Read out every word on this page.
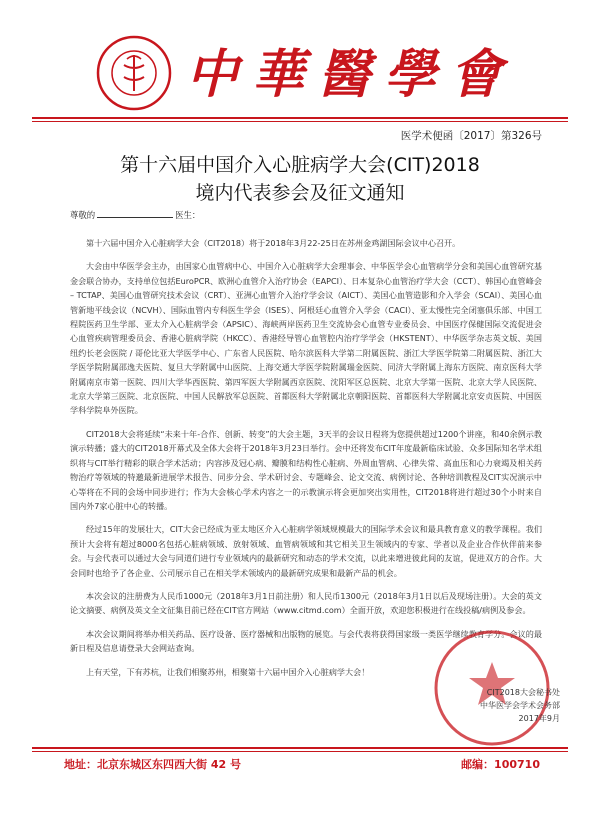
中華醫學會
医学术便函〔2017〕第326号
第十六届中国介入心脏病学大会(CIT)2018
境内代表参会及征文通知
尊敬的	医生：

第十六届中国介入心脏病学大会（CIT2018）将于2018年3月22-25日在苏州金鸡湖国际会议中心召开。

大会由中华医学会主办，由国家心血管病中心、中国介入心脏病学大会理事会、中华医学会心血管病学分会和美国心血管研究基金会联合协办，支持单位包括EuroPCR、欧洲心血管介入治疗协会（EAPCI）、日本复杂心血管治疗学大会（CCT）、韩国心血管峰会 – TCTAP、美国心血管研究技术会议（CRT）、亚洲心血管介入治疗学会议（AICT）、美国心血管造影和介入学会（SCAI）、美国心血管新地平线会议（NCVH）、国际血管内专科医生学会（ISES）、阿根廷心血管介入学会（CACI）、亚太慢性完全闭塞俱乐部、中国工程院医药卫生学部、亚太介入心脏病学会（APSIC）、海峡两岸医药卫生交流协会心血管专业委员会、中国医疗保健国际交流促进会心血管疾病管理委员会、香港心脏病学院（HKCC）、香港经导管心血管腔内治疗学学会（HKSTENT）、中华医学杂志英文版、美国纽约长老会医院 / 哥伦比亚大学医学中心、广东省人民医院、哈尔滨医科大学第二附属医院、浙江大学医学院第二附属医院、浙江大学医学院附属邵逸夫医院、复旦大学附属中山医院、上海交通大学医学院附属瑞金医院、同济大学附属上海东方医院、南京医科大学附属南京市第一医院、四川大学华西医院、第四军医大学附属西京医院、沈阳军区总医院、北京大学第一医院、北京大学人民医院、北京大学第三医院、北京医院、中国人民解放军总医院、首都医科大学附属北京朝阳医院、首都医科大学附属北京安贞医院、中国医学科学院阜外医院。

CIT2018大会将延续“未来十年-合作、创新、转变”的大会主题，3天半的会议日程将为您提供超过1200个讲座，和40余例示教演示转播；盛大的CIT2018开幕式及全体大会将于2018年3月23日举行。会中还将发布CIT年度最新临床试验、众多国际知名学术组织将与CIT举行精彩的联合学术活动；内容涉及冠心病、瓣膜和结构性心脏病、外周血管病、心律失常、高血压和心力衰竭及相关药物治疗等领域的特邀最新进展学术报告、同步分会、学术研讨会、专题峰会、论文交流、病例讨论、各种培训教程及CIT实况演示中心等将在不同的会场中同步进行；作为大会核心学术内容之一的示教演示将会更加突出实用性，CIT2018将进行超过30个小时来自国内外7家心脏中心的转播。

经过15年的发展壮大，CIT大会已经成为亚太地区介入心脏病学领域规模最大的国际学术会议和最具教育意义的教学课程。我们预计大会将有超过8000名包括心脏病领域、放射领域、血管病领域和其它相关卫生领域内的专家、学者以及企业合作伙伴前来参会。与会代表可以通过大会与同道们进行专业领域内的最新研究和动态的学术交流，以此来增进彼此间的友谊，促进双方的合作。大会同时也给予了各企业、公司展示自己在相关学术领域内的最新研究成果和最新产品的机会。

本次会议的注册费为人民币1000元（2018年3月1日前注册）和人民币1300元（2018年3月1日以后及现场注册）。大会的英文论文摘要、病例及英文全文征集目前已经在CIT官方网站（www.citmd.com）全面开放，欢迎您积极进行在线投稿/病例及参会。

本次会议期间将举办相关药品、医疗设备、医疗器械和出版物的展览。与会代表将获得国家级一类医学继续教育学分。会议的最新日程及信息请登录大会网站查询。

上有天堂，下有苏杭，让我们相聚苏州，相聚第十六届中国介入心脏病学大会！

CIT2018大会秘书处
中华医学会学术会务部
2017年9月
地址：北京东城区东四西大街 42 号	邮编：100710
